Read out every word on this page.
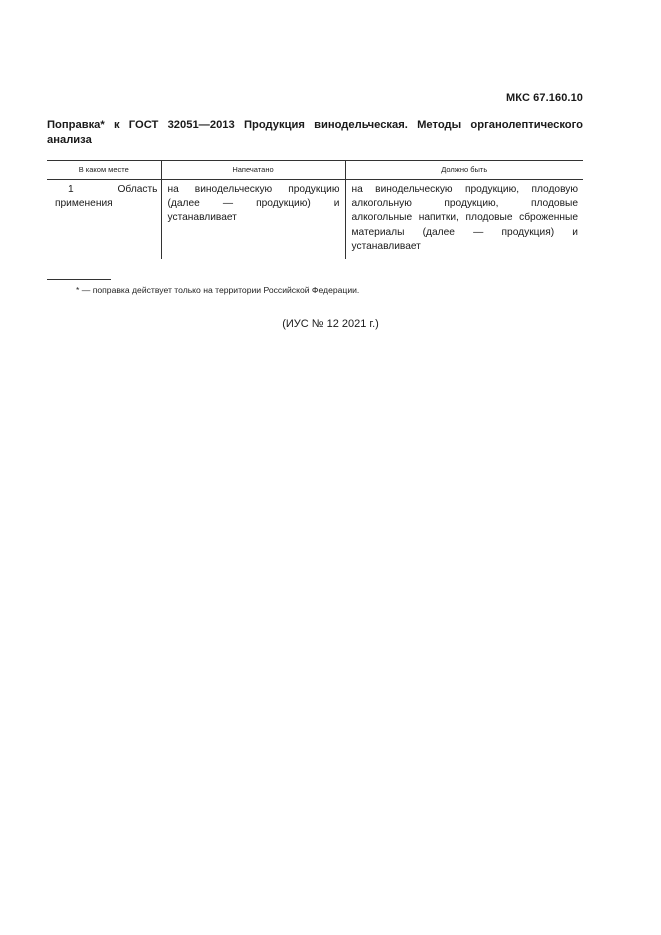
МКС 67.160.10
Поправка* к ГОСТ 32051—2013 Продукция винодельческая. Методы органолептического анализа
В каком месте	Напечатано	Должно быть
1 Область применения	на винодельческую продукцию (далее — продукцию) и устанавливает	на винодельческую продукцию, плодовую алкогольную продукцию, плодовые алкогольные напитки, плодовые сброженные материалы (далее — продукция) и устанавливает
* — поправка действует только на территории Российской Федерации.
(ИУС № 12 2021 г.)
